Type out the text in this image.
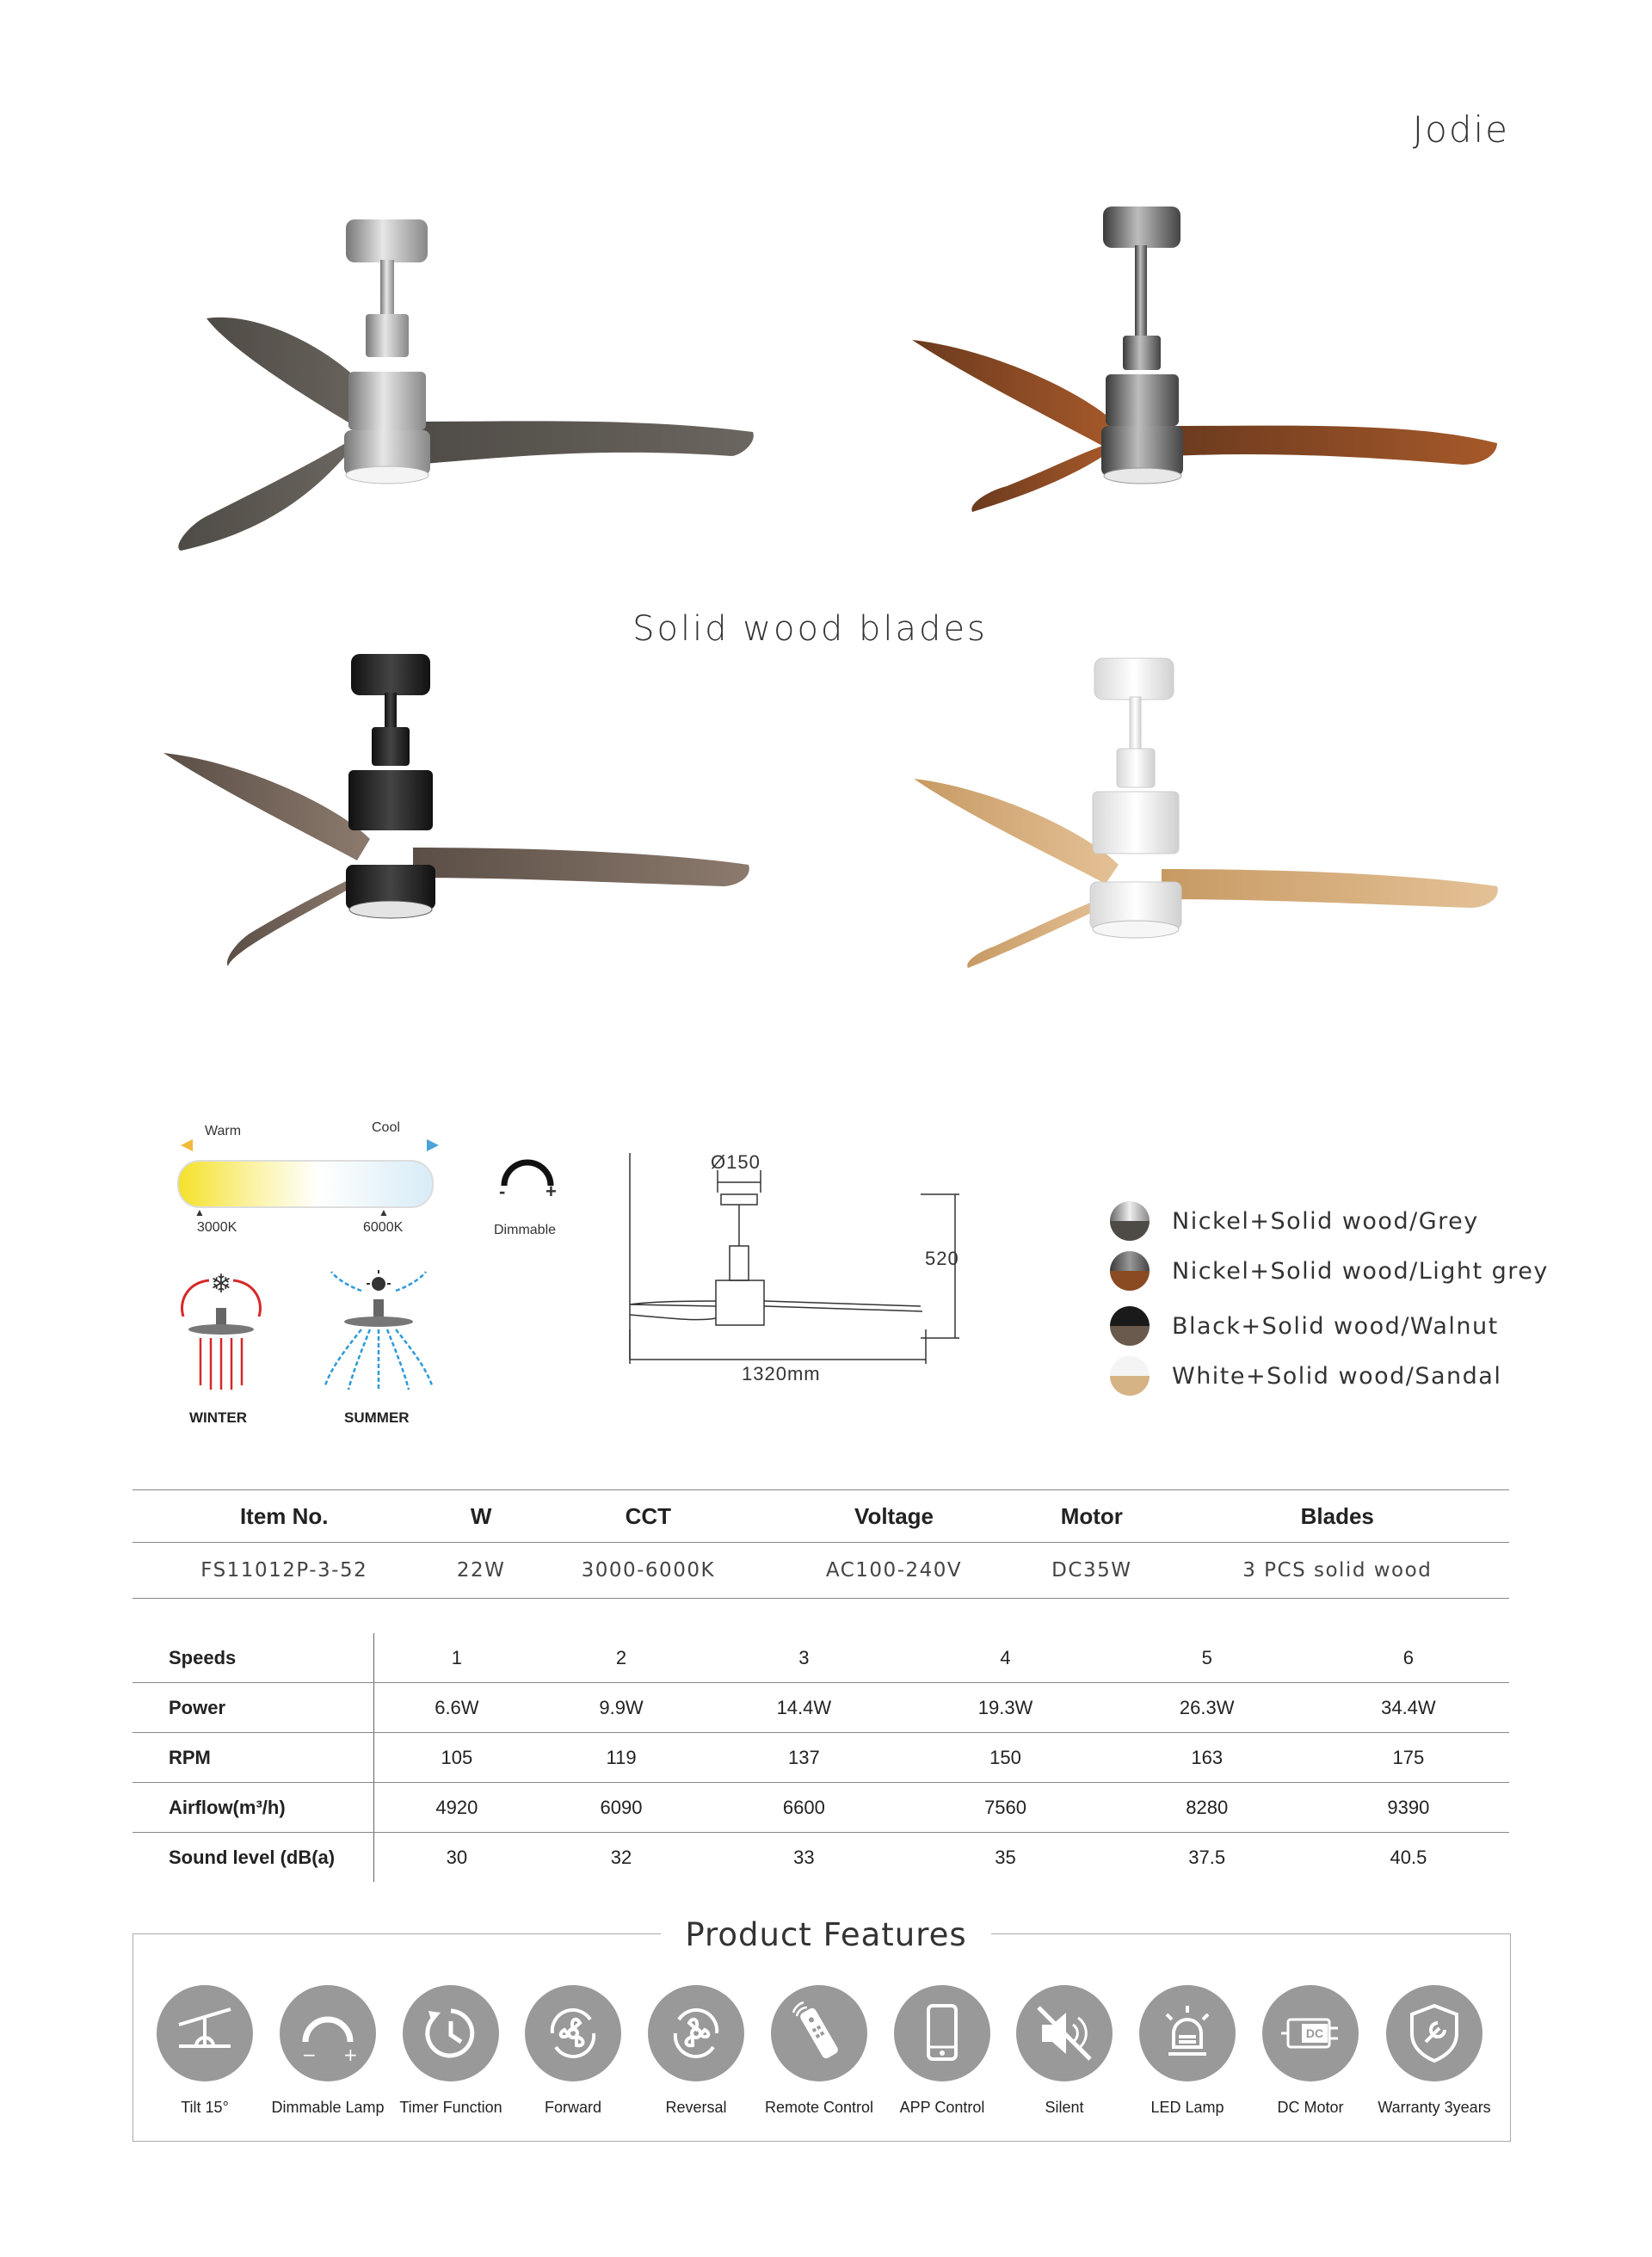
Jodie
Solid wood blades
Warm	Cool
▲	▲
3000K	6000K
- +
Dimmable
❄
WINTER	SUMMER
Ø150
520
1320mm
Nickel+Solid wood/Grey
Nickel+Solid wood/Light grey
Black+Solid wood/Walnut
White+Solid wood/Sandal
Item No.	W	CCT	Voltage	Motor	Blades
FS11012P-3-52	22W	3000-6000K	AC100-240V	DC35W	3 PCS solid wood
Speeds	1	2	3	4	5	6
Power	6.6W	9.9W	14.4W	19.3W	26.3W	34.4W
RPM	105	119	137	150	163	175
Airflow(m³/h)	4920	6090	6600	7560	8280	9390
Sound level (dB(a)	30	32	33	35	37.5	40.5
Product Features
Tilt 15°
− +
Dimmable Lamp Timer Function	Forward	Reversal	Remote Control	APP Control	Silent	LED Lamp
DC
DC Motor	Warranty 3years
